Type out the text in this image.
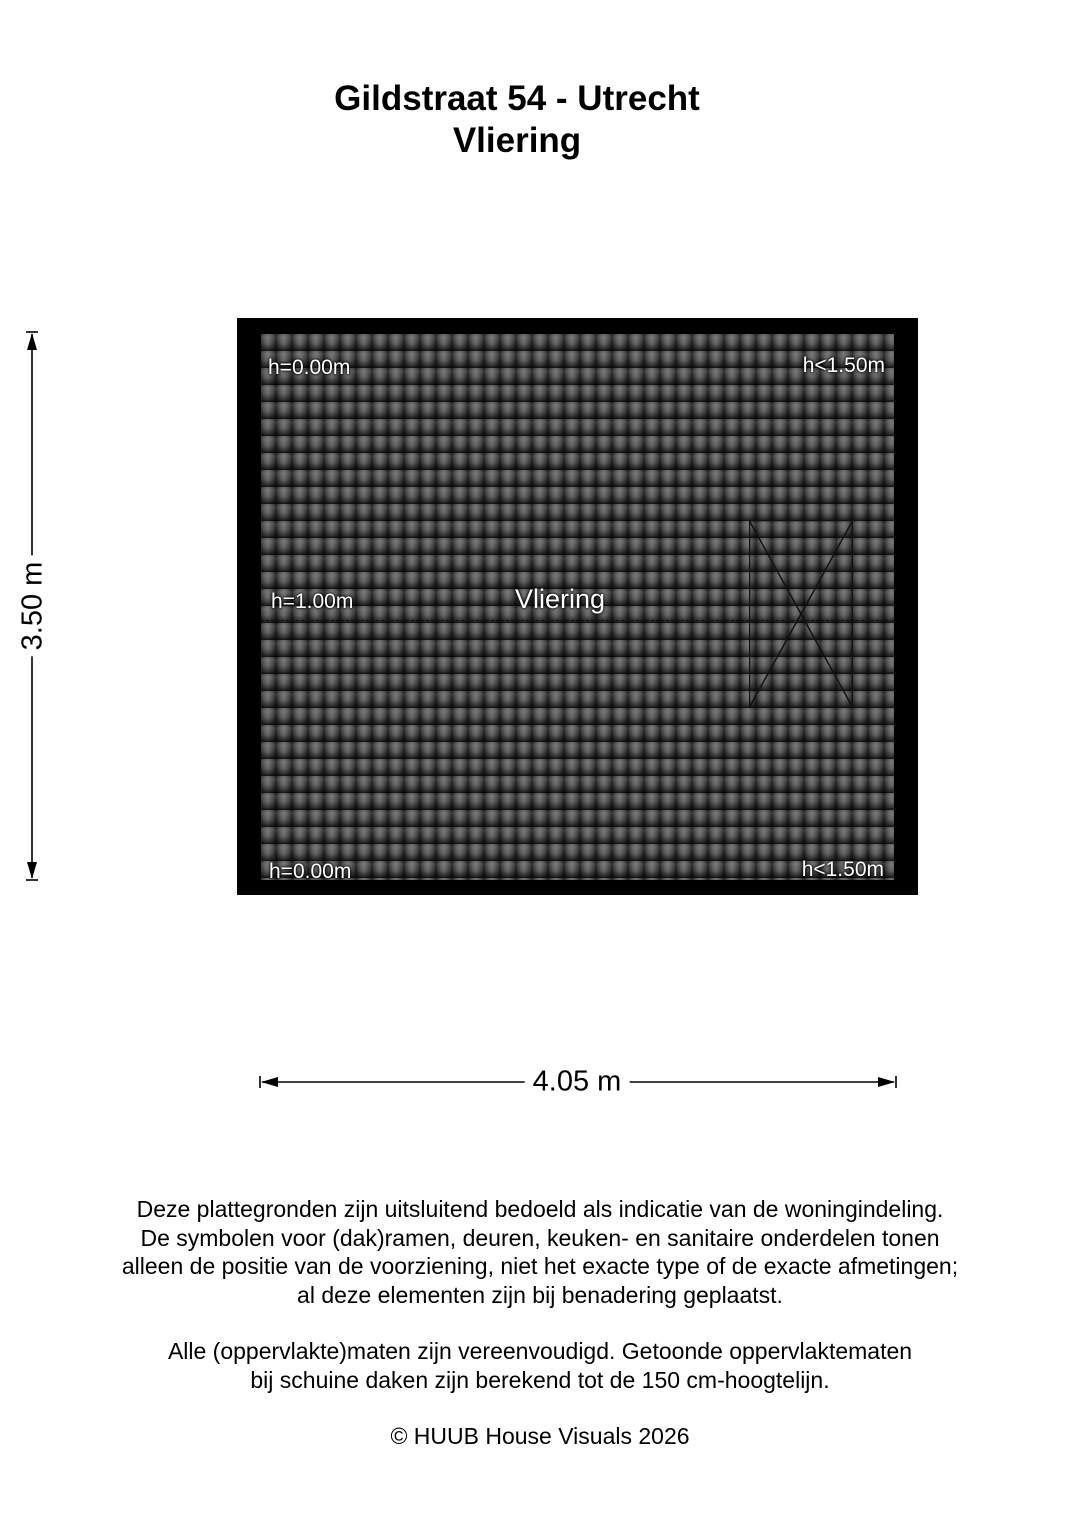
Gildstraat 54 - Utrecht
Vliering
h=0.00m	h<1.50m
h=1.00m	Vliering
h=0.00m	h<1.50m
3.50 m
4.05 m

Deze plattegronden zijn uitsluitend bedoeld als indicatie van de woningindeling.

De symbolen voor (dak)ramen, deuren, keuken- en sanitaire onderdelen tonen

alleen de positie van de voorziening, niet het exacte type of de exacte afmetingen;

al deze elementen zijn bij benadering geplaatst.

Alle (oppervlakte)maten zijn vereenvoudigd. Getoonde oppervlaktematen

bij schuine daken zijn berekend tot de 150 cm-hoogtelijn.

© HUUB House Visuals 2026
